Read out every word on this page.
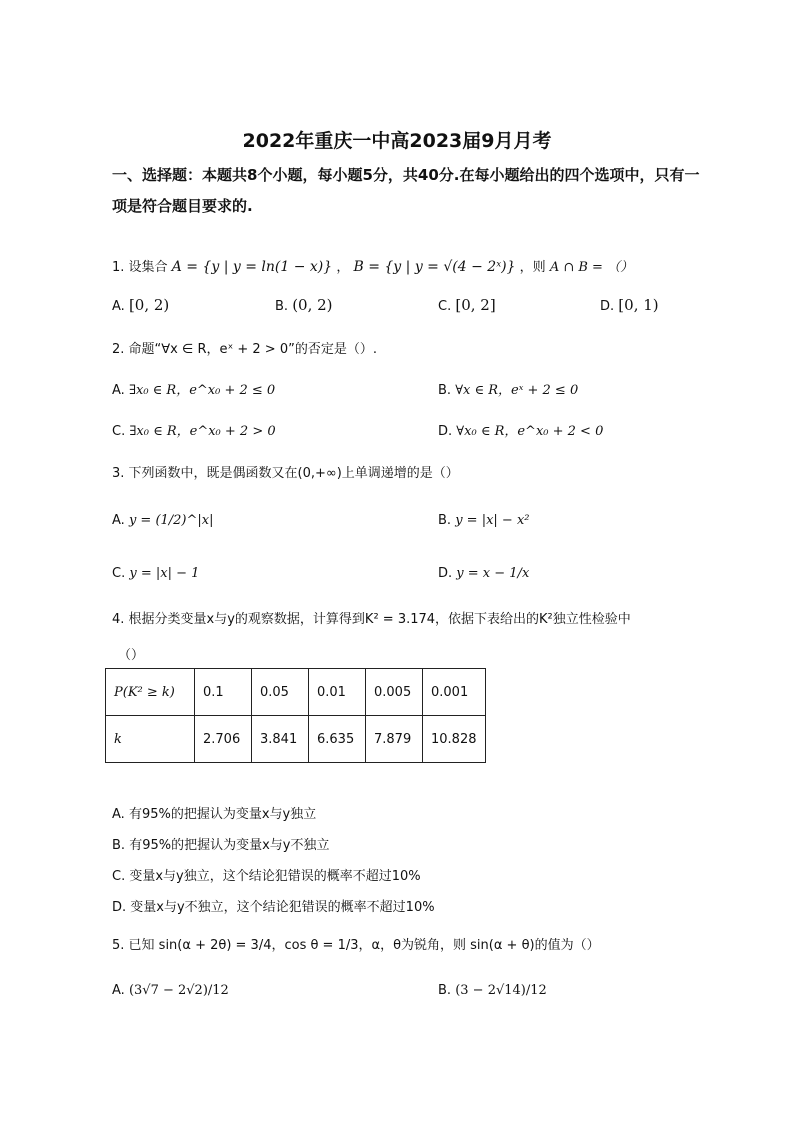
2022年重庆一中高2023届9月月考
一、选择题：本题共8个小题，每小题5分，共40分.在每小题给出的四个选项中，只有一项是符合题目要求的.
1. 设集合 A = {y | y = ln(1 − x)} ， B = {y | y = √(4 − 2ˣ)} ，则 A ∩ B = （）
A. [0, 2)	B. (0, 2)	C. [0, 2]	D. [0, 1)
2. 命题“∀x ∈ R，eˣ + 2 > 0”的否定是（）.
A. ∃x₀ ∈ R，e^x₀ + 2 ≤ 0	B. ∀x ∈ R，eˣ + 2 ≤ 0
C. ∃x₀ ∈ R，e^x₀ + 2 > 0	D. ∀x₀ ∈ R，e^x₀ + 2 < 0
3. 下列函数中，既是偶函数又在(0,+∞)上单调递增的是（）
A. y = (1/2)^|x|	B. y = |x| − x²
C. y = |x| − 1	D. y = x − 1/x
4. 根据分类变量x与y的观察数据，计算得到K² = 3.174，依据下表给出的K²独立性检验中
（）
P(K² ≥ k)	0.1	0.05	0.01	0.005	0.001
k	2.706	3.841	6.635	7.879	10.828
A. 有95%的把握认为变量x与y独立
B. 有95%的把握认为变量x与y不独立
C. 变量x与y独立，这个结论犯错误的概率不超过10%
D. 变量x与y不独立，这个结论犯错误的概率不超过10%
5. 已知 sin(α + 2θ) = 3/4，cos θ = 1/3，α，θ为锐角，则 sin(α + θ)的值为（）
A. (3√7 − 2√2)/12	B. (3 − 2√14)/12
